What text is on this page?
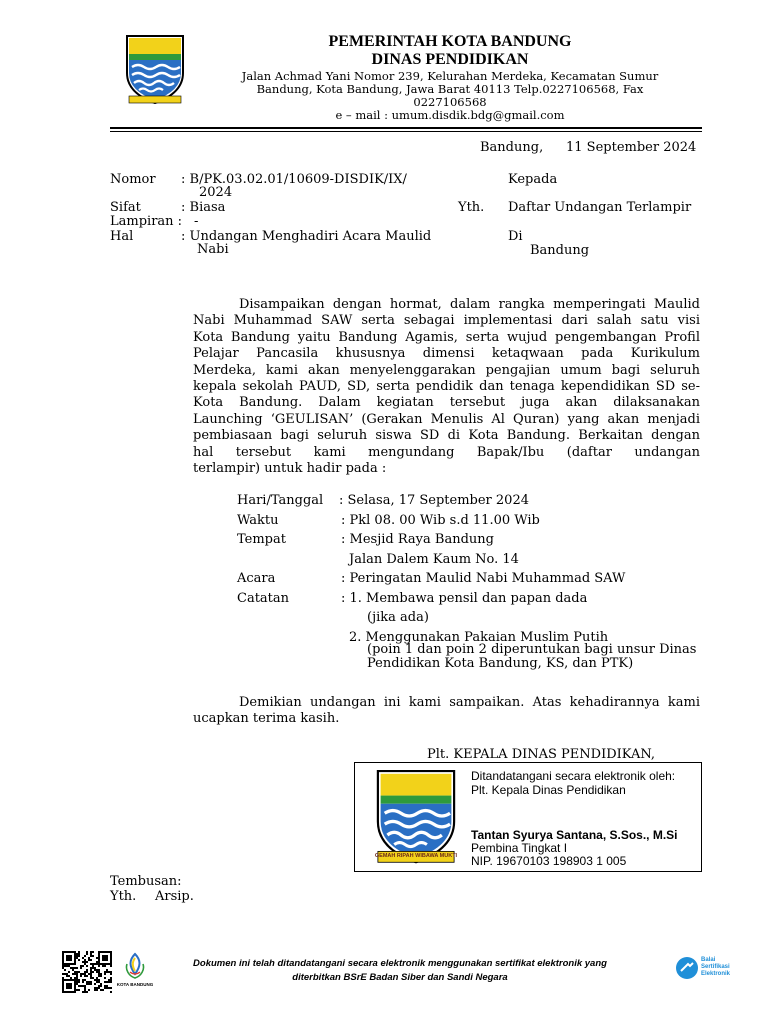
PEMERINTAH KOTA BANDUNG
DINAS PENDIDIKAN
Jalan Achmad Yani Nomor 239, Kelurahan Merdeka, Kecamatan Sumur
Bandung, Kota Bandung, Jawa Barat 40113 Telp.0227106568, Fax
0227106568
e – mail : umum.disdik.bdg@gmail.com
Bandung, 11 September 2024
Nomor : B/PK.03.02.01/10609-DISDIK/IX/
2024
Sifat	: Biasa
Lampiran : -
Hal	: Undangan Menghadiri Acara Maulid
Nabi
Kepada
Yth. Daftar Undangan Terlampir
Di
Bandung
Disampaikan dengan hormat, dalam rangka memperingati Maulid
Nabi Muhammad SAW serta sebagai implementasi dari salah satu visi
Kota Bandung yaitu Bandung Agamis, serta wujud pengembangan Profil
Pelajar Pancasila khususnya dimensi ketaqwaan pada Kurikulum
Merdeka, kami akan menyelenggarakan pengajian umum bagi seluruh
kepala sekolah PAUD, SD, serta pendidik dan tenaga kependidikan SD se-
Kota Bandung. Dalam kegiatan tersebut juga akan dilaksanakan
Launching ‘GEULISAN’ (Gerakan Menulis Al Quran) yang akan menjadi
pembiasaan bagi seluruh siswa SD di Kota Bandung. Berkaitan dengan
hal tersebut kami mengundang Bapak/Ibu (daftar undangan
terlampir) untuk hadir pada :
Hari/Tanggal : Selasa, 17 September 2024
Waktu	: Pkl 08. 00 Wib s.d 11.00 Wib
Tempat	: Mesjid Raya Bandung
Jalan Dalem Kaum No. 14
Acara	: Peringatan Maulid Nabi Muhammad SAW
Catatan	: 1. Membawa pensil dan papan dada
(jika ada)
2. Menggunakan Pakaian Muslim Putih
(poin 1 dan poin 2 diperuntukan bagi unsur Dinas
Pendidikan Kota Bandung, KS, dan PTK)
Demikian undangan ini kami sampaikan. Atas kehadirannya kami
ucapkan terima kasih.
Plt. KEPALA DINAS PENDIDIKAN,
GEMAH RIPAH WIBAWA MUKTI
Ditandatangani secara elektronik oleh:
Plt. Kepala Dinas Pendidikan
Tantan Syurya Santana, S.Sos., M.Si
Pembina Tingkat I
NIP. 19670103 198903 1 005
Tembusan:
Yth. Arsip.
KOTA BANDUNG
Dokumen ini telah ditandatangani secara elektronik menggunakan sertifikat elektronik yang
diterbitkan BSrE Badan Siber dan Sandi Negara
Balai
Sertifikasi
Elektronik
